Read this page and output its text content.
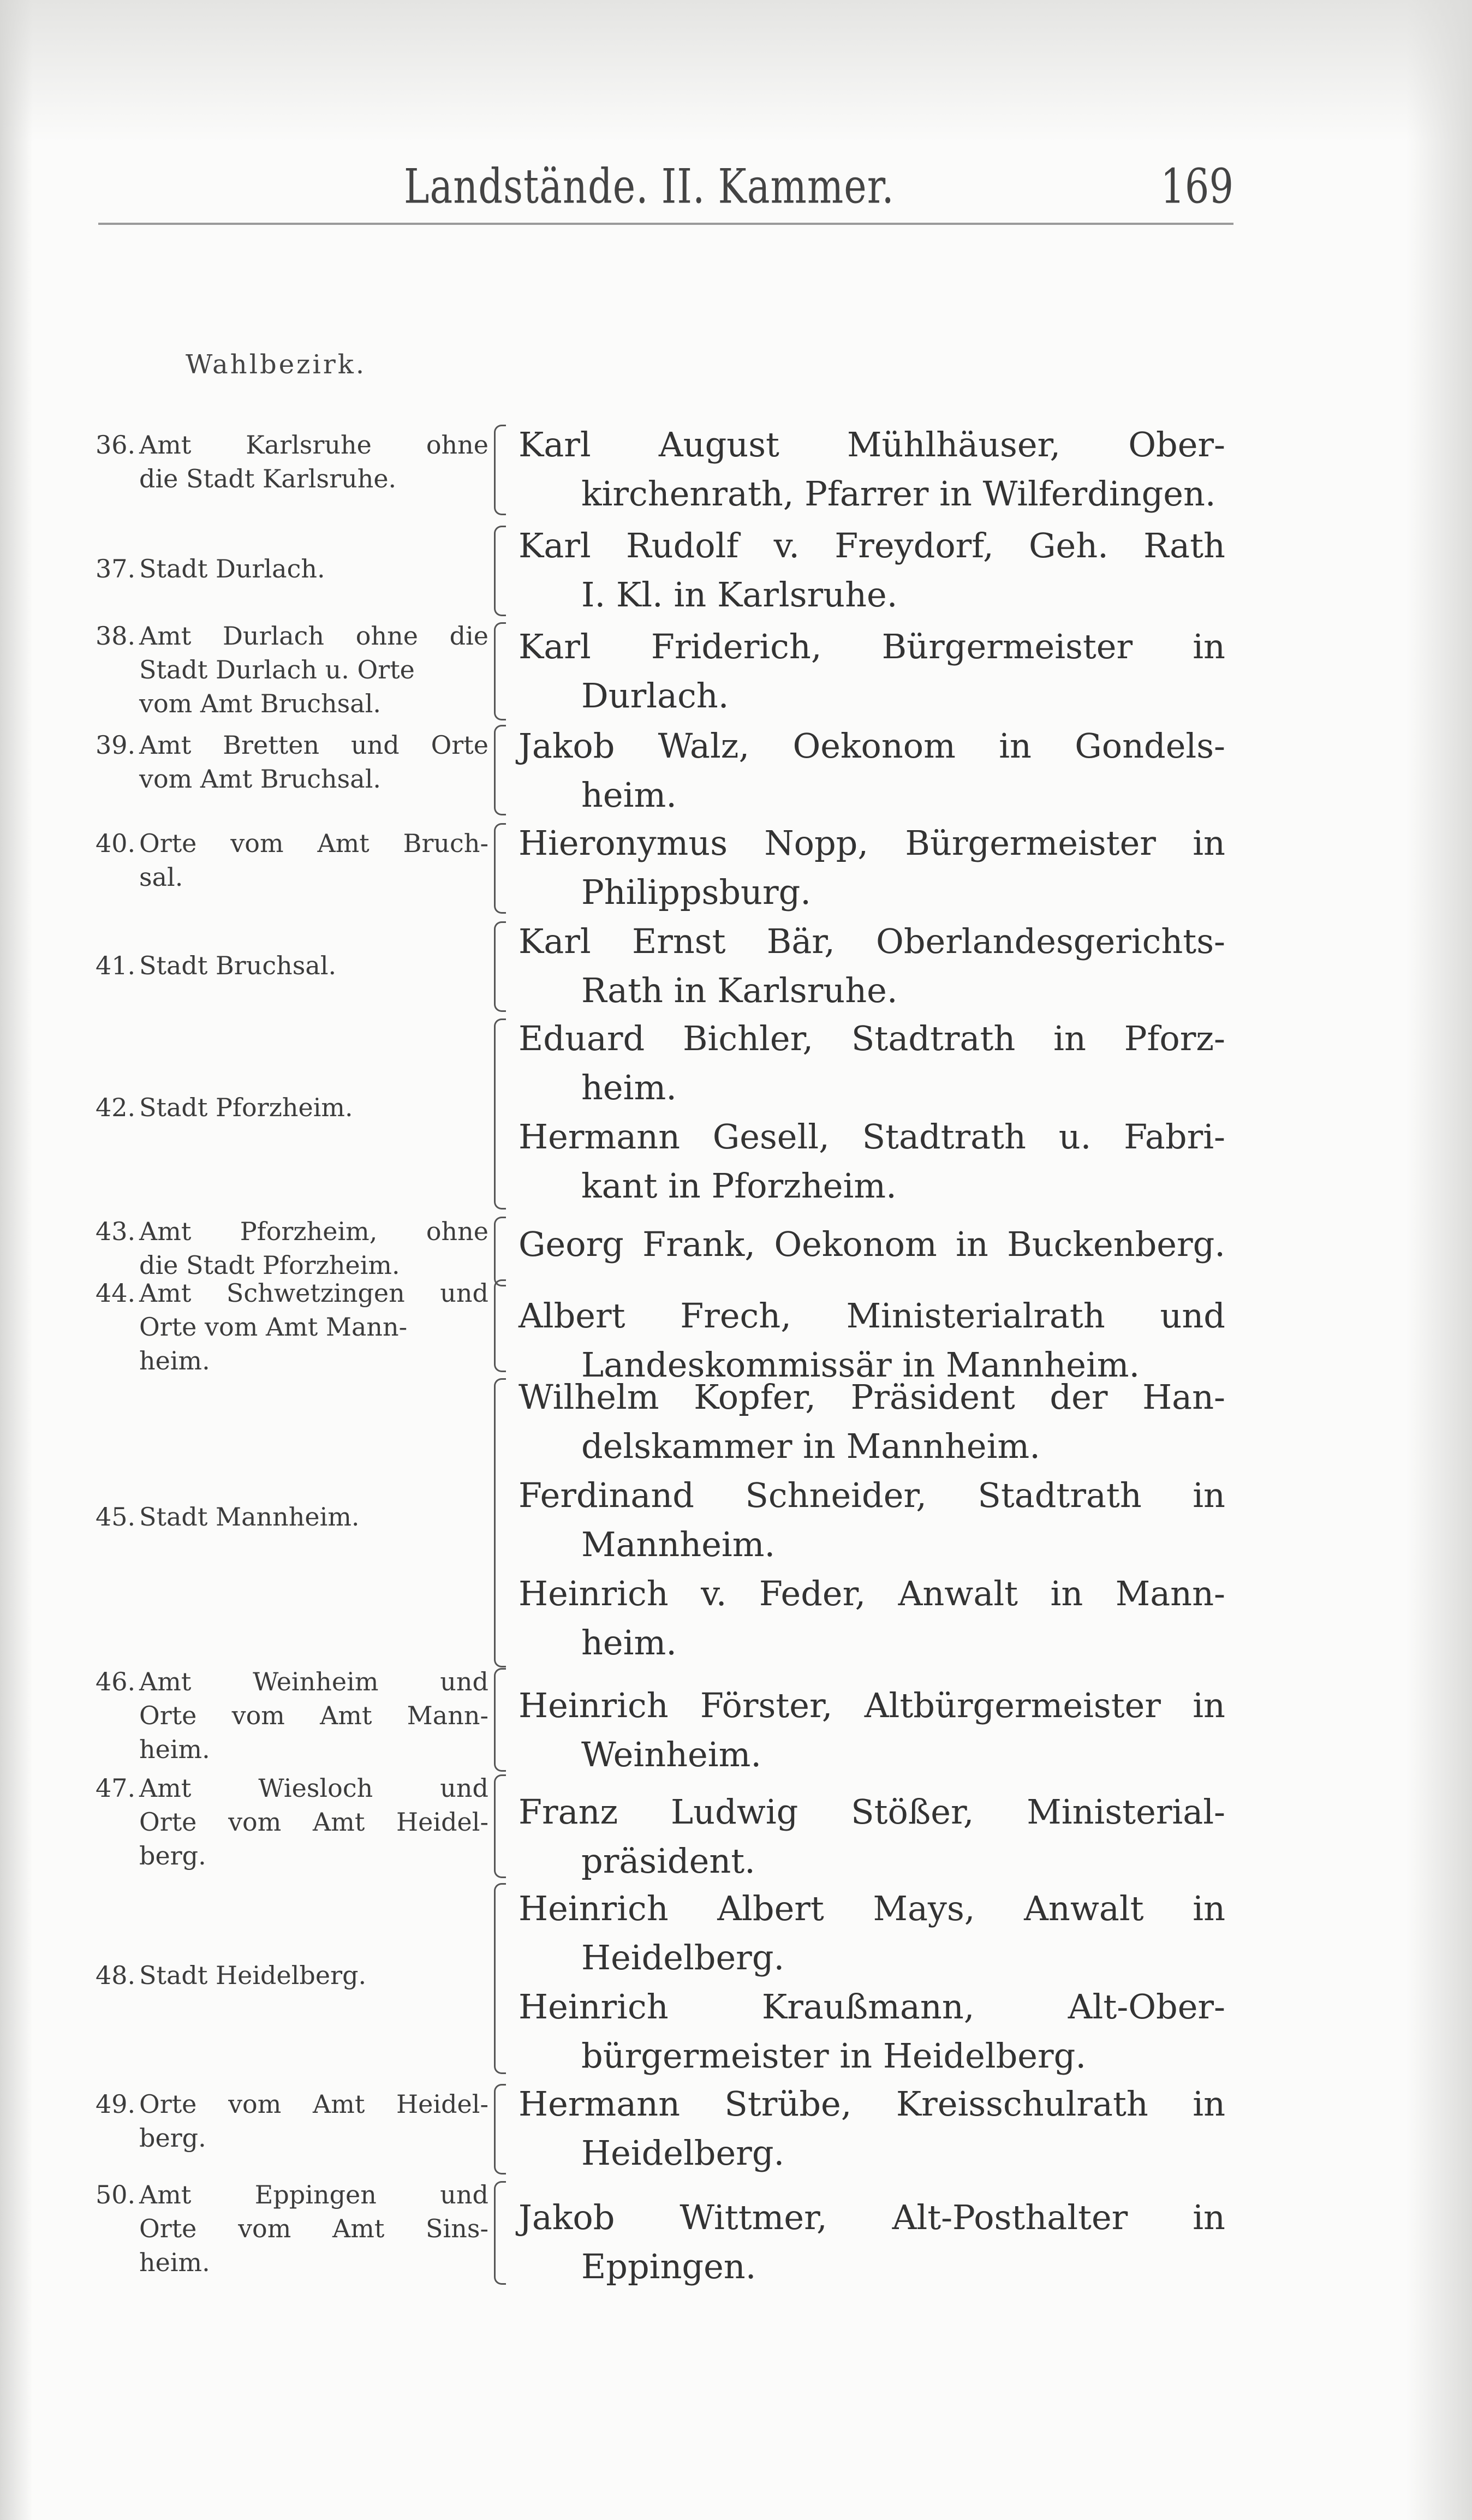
Landstände. II. Kammer.	169
Wahlbezirk.
36. Amt Karlsruhe ohne
die Stadt Karlsruhe.
Karl August Mühlhäuser, Ober-
kirchenrath, Pfarrer in Wilferdingen.
37. Stadt Durlach.
Karl Rudolf v. Freydorf, Geh. Rath
I. Kl. in Karlsruhe.
38. Amt Durlach ohne die
Stadt Durlach u. Orte
vom Amt Bruchsal.
Karl Friderich, Bürgermeister in
Durlach.
39. Amt Bretten und Orte
vom Amt Bruchsal.
Jakob Walz, Oekonom in Gondels-
heim.
40. Orte vom Amt Bruch-
sal.
Hieronymus Nopp, Bürgermeister in
Philippsburg.
41. Stadt Bruchsal.
Karl Ernst Bär, Oberlandesgerichts-
Rath in Karlsruhe.
42. Stadt Pforzheim.
Eduard Bichler, Stadtrath in Pforz-
heim.
Hermann Gesell, Stadtrath u. Fabri-
kant in Pforzheim.
43. Amt Pforzheim, ohne
die Stadt Pforzheim.
Georg Frank, Oekonom in Buckenberg.
44. Amt Schwetzingen und
Orte vom Amt Mann-
heim.
Albert Frech, Ministerialrath und
Landeskommissär in Mannheim.
45. Stadt Mannheim.
Wilhelm Kopfer, Präsident der Han-
delskammer in Mannheim.
Ferdinand Schneider, Stadtrath in
Mannheim.
Heinrich v. Feder, Anwalt in Mann-
heim.
46. Amt Weinheim und
Orte vom Amt Mann-
heim.
Heinrich Förster, Altbürgermeister in
Weinheim.
47. Amt Wiesloch und
Orte vom Amt Heidel-
berg.
Franz Ludwig Stößer, Ministerial-
präsident.
48. Stadt Heidelberg.
Heinrich Albert Mays, Anwalt in
Heidelberg.
Heinrich Kraußmann, Alt-Ober-
bürgermeister in Heidelberg.
49. Orte vom Amt Heidel-
berg.
Hermann Strübe, Kreisschulrath in
Heidelberg.
50. Amt Eppingen und
Orte vom Amt Sins-
heim.
Jakob Wittmer, Alt-Posthalter in
Eppingen.
